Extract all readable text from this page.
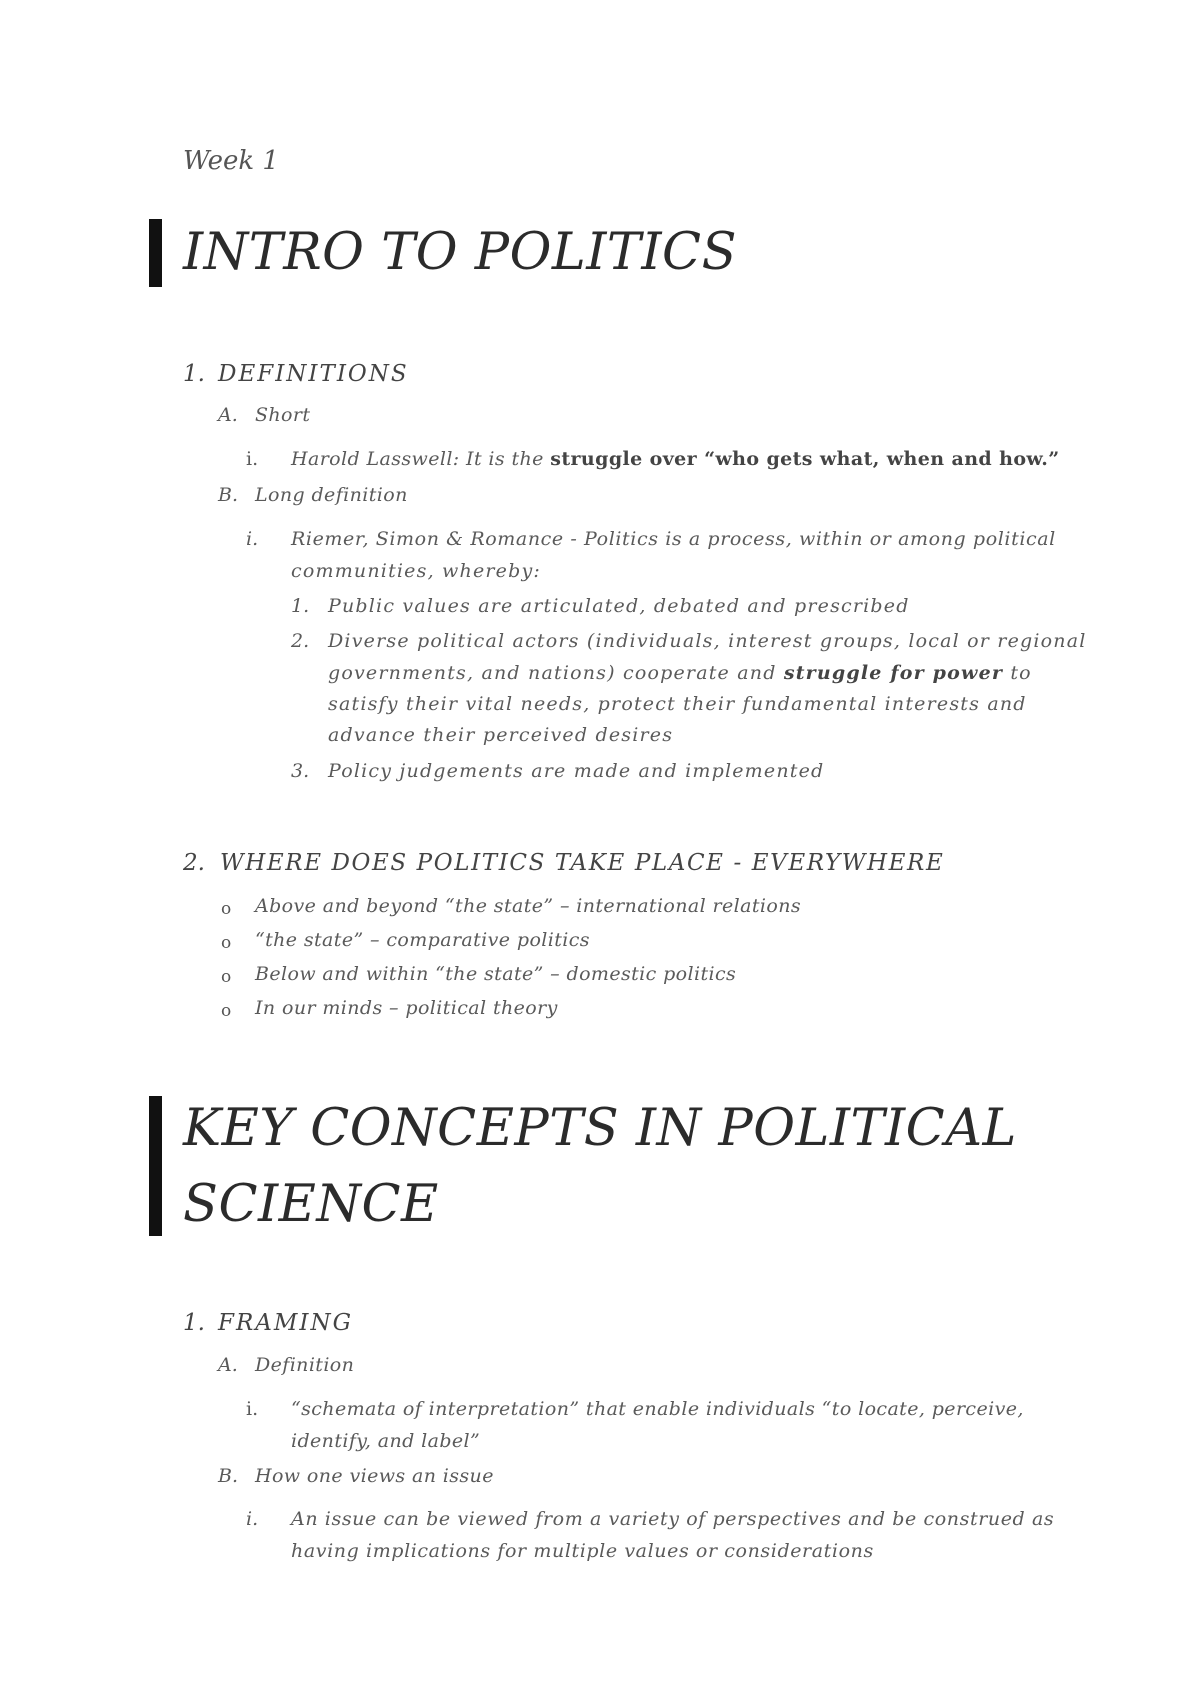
Week 1
INTRO TO POLITICS
1. DEFINITIONS
A. Short
i. Harold Lasswell: It is the struggle over “who gets what, when and how.”
B. Long definition
i. Riemer, Simon & Romance - Politics is a process, within or among political
communities, whereby:
1. Public values are articulated, debated and prescribed
2. Diverse political actors (individuals, interest groups, local or regional
governments, and nations) cooperate and struggle for power to
satisfy their vital needs, protect their fundamental interests and
advance their perceived desires
3. Policy judgements are made and implemented
2. WHERE DOES POLITICS TAKE PLACE - EVERYWHERE
o Above and beyond “the state” – international relations
o “the state” – comparative politics
o Below and within “the state” – domestic politics
o In our minds – political theory
KEY CONCEPTS IN POLITICAL
SCIENCE
1. FRAMING
A. Definition
i. “schemata of interpretation” that enable individuals “to locate, perceive,
identify, and label”
B. How one views an issue
i. An issue can be viewed from a variety of perspectives and be construed as
having implications for multiple values or considerations
